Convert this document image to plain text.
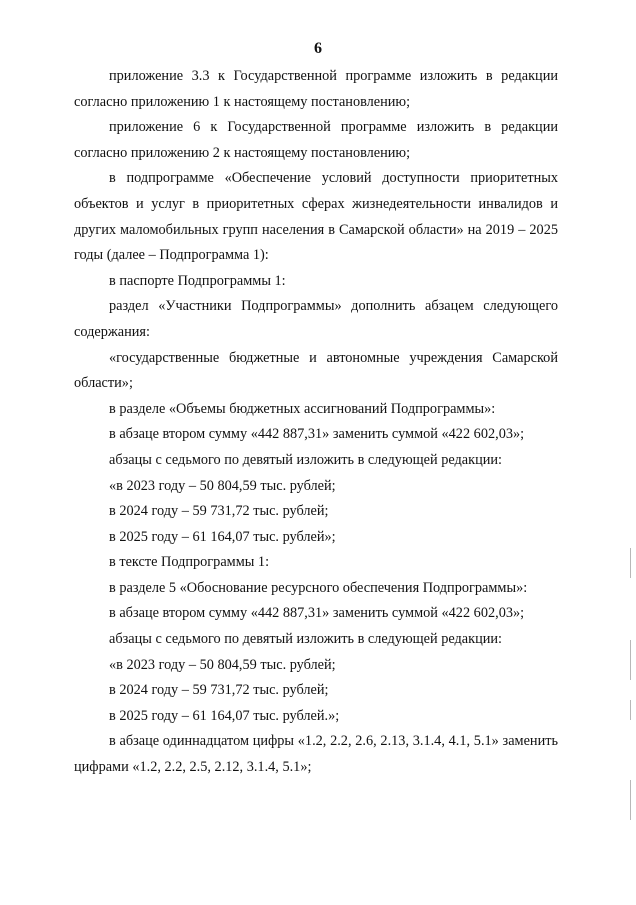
6

приложение 3.3 к Государственной программе изложить в редакции согласно приложению 1 к настоящему постановлению;

приложение 6 к Государственной программе изложить в редакции согласно приложению 2 к настоящему постановлению;

в подпрограмме «Обеспечение условий доступности приоритетных объектов и услуг в приоритетных сферах жизнедеятельности инвалидов и других маломобильных групп населения в Самарской области» на 2019 – 2025 годы (далее – Подпрограмма 1):

в паспорте Подпрограммы 1:

раздел «Участники Подпрограммы» дополнить абзацем следующего содержания:

«государственные бюджетные и автономные учреждения Самарской области»;

в разделе «Объемы бюджетных ассигнований Подпрограммы»:

в абзаце втором сумму «442 887,31» заменить суммой «422 602,03»;

абзацы с седьмого по девятый изложить в следующей редакции:

«в 2023 году – 50 804,59 тыс. рублей;

в 2024 году – 59 731,72 тыс. рублей;

в 2025 году – 61 164,07 тыс. рублей»;

в тексте Подпрограммы 1:

в разделе 5 «Обоснование ресурсного обеспечения Подпрограммы»:

в абзаце втором сумму «442 887,31» заменить суммой «422 602,03»;

абзацы с седьмого по девятый изложить в следующей редакции:

«в 2023 году – 50 804,59 тыс. рублей;

в 2024 году – 59 731,72 тыс. рублей;

в 2025 году – 61 164,07 тыс. рублей.»;

в абзаце одиннадцатом цифры «1.2, 2.2, 2.6, 2.13, 3.1.4, 4.1, 5.1» заменить цифрами «1.2, 2.2, 2.5, 2.12, 3.1.4, 5.1»;
